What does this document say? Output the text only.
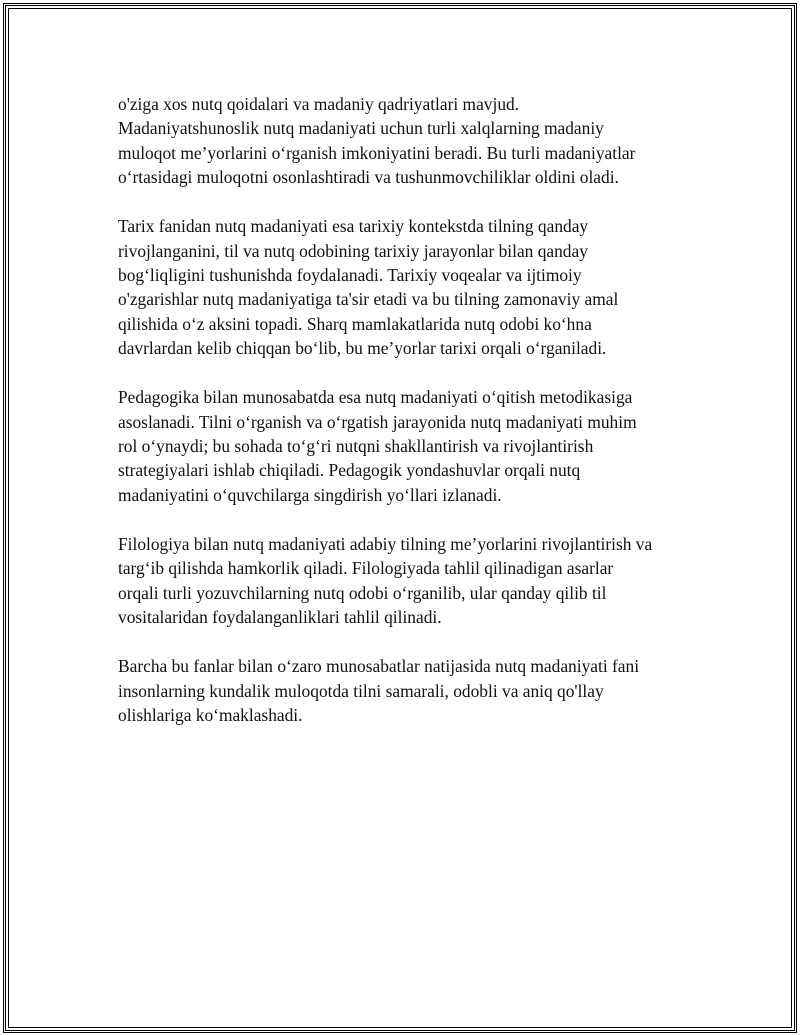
o'ziga xos nutq qoidalari va madaniy qadriyatlari mavjud.
Madaniyatshunoslik nutq madaniyati uchun turli xalqlarning madaniy
muloqot me’yorlarini o‘rganish imkoniyatini beradi. Bu turli madaniyatlar
o‘rtasidagi muloqotni osonlashtiradi va tushunmovchiliklar oldini oladi.

Tarix fanidan nutq madaniyati esa tarixiy kontekstda tilning qanday
rivojlanganini, til va nutq odobining tarixiy jarayonlar bilan qanday
bog‘liqligini tushunishda foydalanadi. Tarixiy voqealar va ijtimoiy
o'zgarishlar nutq madaniyatiga ta'sir etadi va bu tilning zamonaviy amal
qilishida o‘z aksini topadi. Sharq mamlakatlarida nutq odobi ko‘hna
davrlardan kelib chiqqan bo‘lib, bu me’yorlar tarixi orqali o‘rganiladi.

Pedagogika bilan munosabatda esa nutq madaniyati o‘qitish metodikasiga
asoslanadi. Tilni o‘rganish va o‘rgatish jarayonida nutq madaniyati muhim
rol o‘ynaydi; bu sohada to‘g‘ri nutqni shakllantirish va rivojlantirish
strategiyalari ishlab chiqiladi. Pedagogik yondashuvlar orqali nutq
madaniyatini o‘quvchilarga singdirish yo‘llari izlanadi.

Filologiya bilan nutq madaniyati adabiy tilning me’yorlarini rivojlantirish va
targ‘ib qilishda hamkorlik qiladi. Filologiyada tahlil qilinadigan asarlar
orqali turli yozuvchilarning nutq odobi o‘rganilib, ular qanday qilib til
vositalaridan foydalanganliklari tahlil qilinadi.

Barcha bu fanlar bilan o‘zaro munosabatlar natijasida nutq madaniyati fani
insonlarning kundalik muloqotda tilni samarali, odobli va aniq qo'llay
olishlariga ko‘maklashadi.
